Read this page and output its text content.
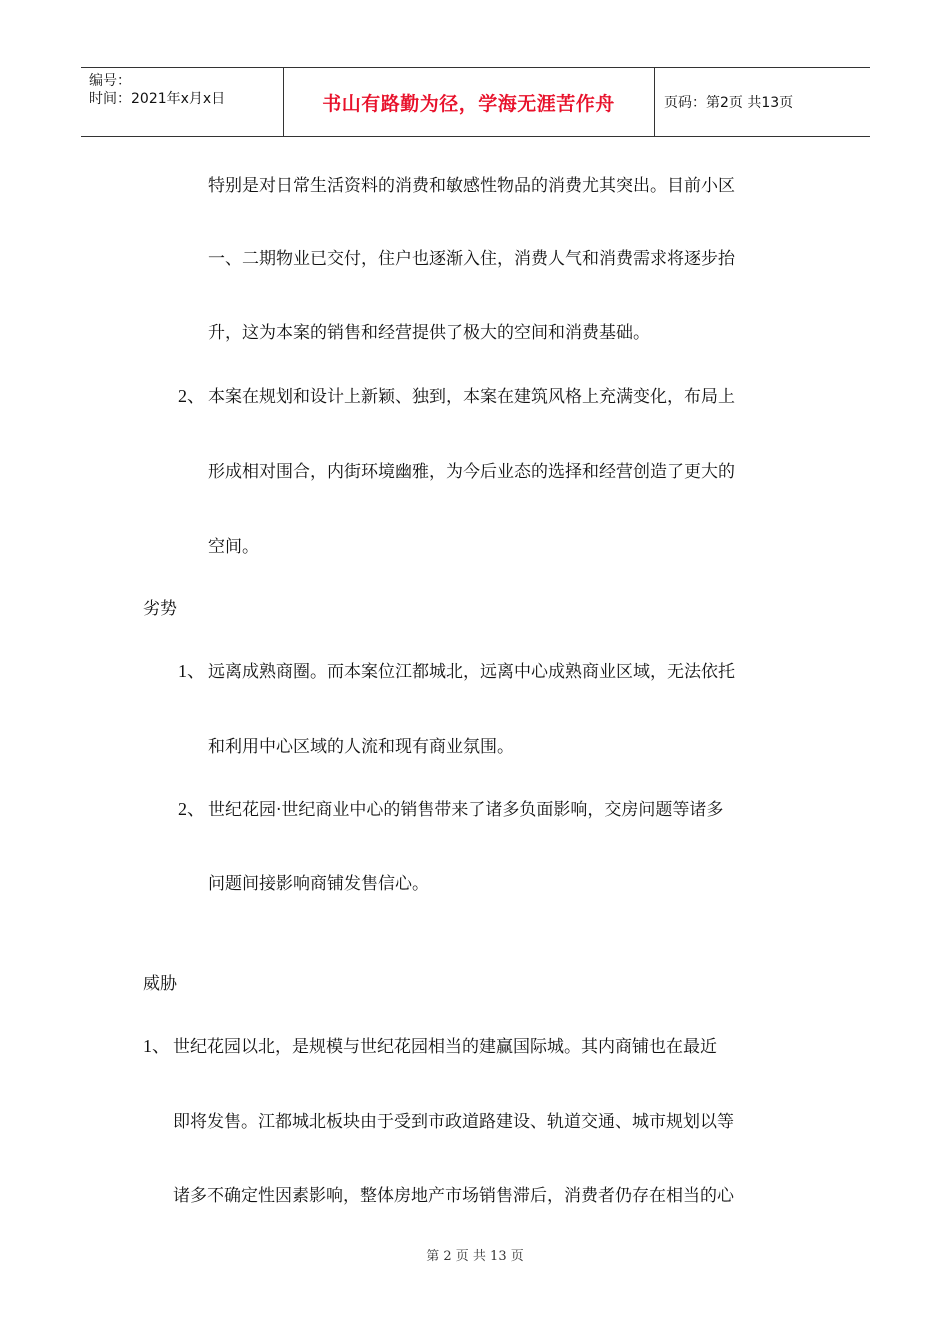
编号：
时间：2021年x月x日	书山有路勤为径，学海无涯苦作舟	页码：第2页 共13页
特别是对日常生活资料的消费和敏感性物品的消费尤其突出。目前小区
一、二期物业已交付，住户也逐渐入住，消费人气和消费需求将逐步抬
升，这为本案的销售和经营提供了极大的空间和消费基础。
2、 本案在规划和设计上新颖、独到，本案在建筑风格上充满变化，布局上
形成相对围合，内街环境幽雅，为今后业态的选择和经营创造了更大的
空间。
劣势
1、 远离成熟商圈。而本案位江都城北，远离中心成熟商业区域，无法依托
和利用中心区域的人流和现有商业氛围。
2、 世纪花园·世纪商业中心的销售带来了诸多负面影响，交房问题等诸多
问题间接影响商铺发售信心。
威胁
1、 世纪花园以北，是规模与世纪花园相当的建赢国际城。其内商铺也在最近
即将发售。江都城北板块由于受到市政道路建设、轨道交通、城市规划以等
诸多不确定性因素影响，整体房地产市场销售滞后，消费者仍存在相当的心
第 2 页 共 13 页
